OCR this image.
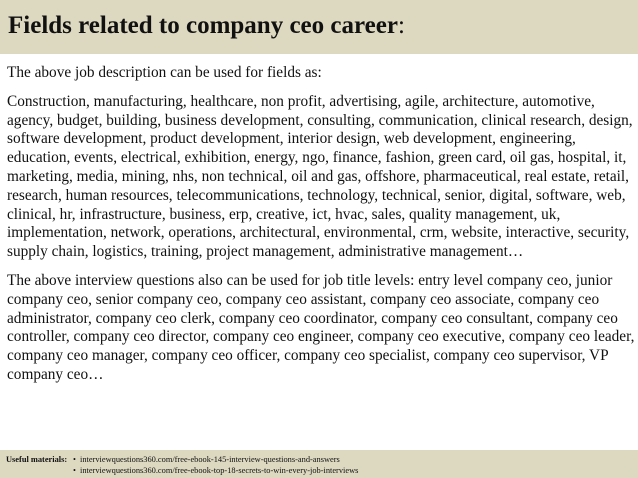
Fields related to company ceo career:

The above job description can be used for fields as:

Construction, manufacturing, healthcare, non profit, advertising, agile, architecture, automotive, agency, budget, building, business development, consulting, communication, clinical research, design, software development, product development, interior design, web development, engineering, education, events, electrical, exhibition, energy, ngo, finance, fashion, green card, oil gas, hospital, it, marketing, media, mining, nhs, non technical, oil and gas, offshore, pharmaceutical, real estate, retail, research, human resources, telecommunications, technology, technical, senior, digital, software, web, clinical, hr, infrastructure, business, erp, creative, ict, hvac, sales, quality management, uk, implementation, network, operations, architectural, environmental, crm, website, interactive, security, supply chain, logistics, training, project management, administrative management…

The above interview questions also can be used for job title levels: entry level company ceo, junior company ceo, senior company ceo, company ceo assistant, company ceo associate, company ceo administrator, company ceo clerk, company ceo coordinator, company ceo consultant, company ceo controller, company ceo director, company ceo engineer, company ceo executive, company ceo leader, company ceo manager, company ceo officer, company ceo specialist, company ceo supervisor, VP company ceo…

Useful materials: • interviewquestions360.com/free-ebook-145-interview-questions-and-answers
• interviewquestions360.com/free-ebook-top-18-secrets-to-win-every-job-interviews
